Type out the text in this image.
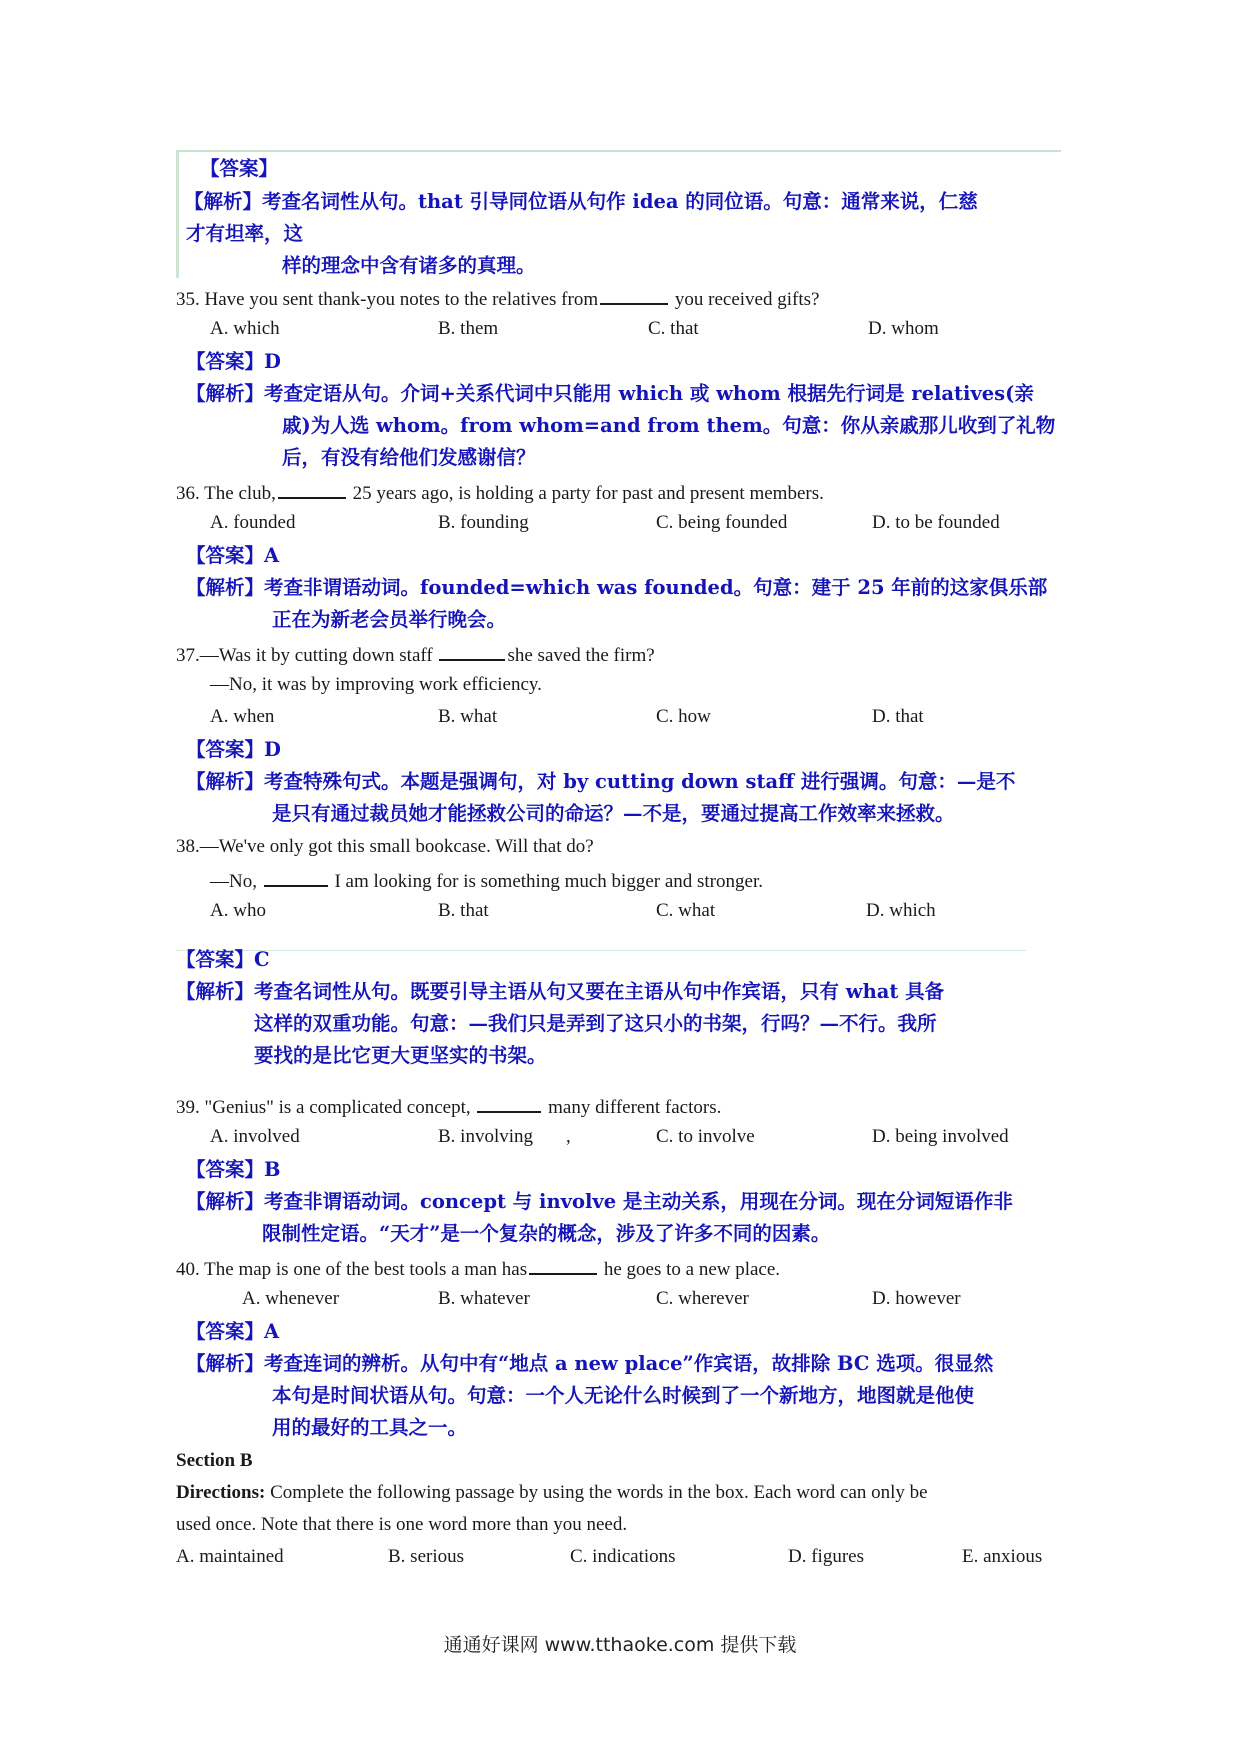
【答案】
【解析】考查名词性从句。that 引导同位语从句作 idea 的同位语。句意：通常来说，仁慈
才有坦率，这
样的理念中含有诸多的真理。
35. Have you sent thank-you notes to the relatives from	you received gifts?
A. which	B. them	C. that	D. whom
【答案】D
【解析】考查定语从句。介词+关系代词中只能用 which 或 whom 根据先行词是 relatives(亲
戚)为人选 whom。from whom=and from them。句意：你从亲戚那儿收到了礼物
后，有没有给他们发感谢信？
36. The club,	25 years ago, is holding a party for past and present members.
A. founded	B. founding	C. being founded	D. to be founded
【答案】A
【解析】考查非谓语动词。founded=which was founded。句意：建于 25 年前的这家俱乐部
正在为新老会员举行晚会。
37.—Was it by cutting down staff	she saved the firm?
—No, it was by improving work efficiency.
A. when	B. what	C. how	D. that
【答案】D
【解析】考查特殊句式。本题是强调句，对 by cutting down staff 进行强调。句意：—是不
是只有通过裁员她才能拯救公司的命运？—不是，要通过提高工作效率来拯救。
38.—We've only got this small bookcase. Will that do?
—No,	I am looking for is something much bigger and stronger.
A. who	B. that	C. what	D. which
【答案】C
【解析】考查名词性从句。既要引导主语从句又要在主语从句中作宾语，只有 what 具备
这样的双重功能。句意：—我们只是弄到了这只小的书架，行吗？—不行。我所
要找的是比它更大更坚实的书架。
39. "Genius" is a complicated concept,	many different factors.
A. involved	B. involving ,	C. to involve	D. being involved
【答案】B
【解析】考查非谓语动词。concept 与 involve 是主动关系，用现在分词。现在分词短语作非
限制性定语。“天才”是一个复杂的概念，涉及了许多不同的因素。
40. The map is one of the best tools a man has	he goes to a new place.
A. whenever	B. whatever	C. wherever	D. however
【答案】A
【解析】考查连词的辨析。从句中有“地点 a new place”作宾语，故排除 BC 选项。很显然
本句是时间状语从句。句意：一个人无论什么时候到了一个新地方，地图就是他使
用的最好的工具之一。
Section B
Directions: Complete the following passage by using the words in the box. Each word can only be
used once. Note that there is one word more than you need.
A. maintained	B. serious	C. indications	D. figures	E. anxious
通通好课网 www.tthaoke.com 提供下载
